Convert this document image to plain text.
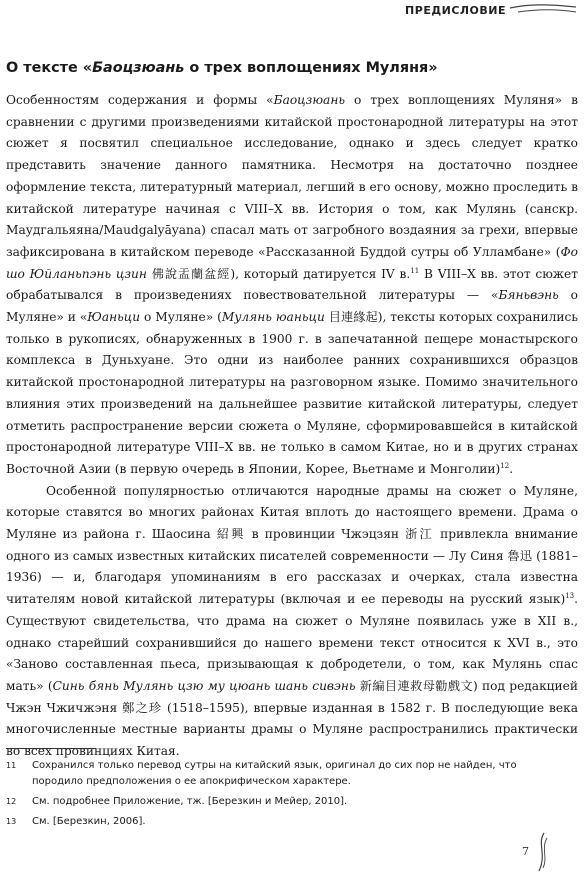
ПРЕДИСЛОВИЕ
О тексте «Баоцзюань о трех воплощениях Муляня»

Особенностям содержания и формы «Баоцзюань о трех воплощениях Муляня» в сравнении с другими произведениями китайской простонародной литературы на этот сюжет я посвятил специальное исследование, однако и здесь следует кратко представить значение данного памятника. Несмотря на достаточно позднее оформление текста, литературный материал, легший в его основу, можно проследить в китайской литературе начиная с VIII–X вв. История о том, как Мулянь (санскр. Маудгальяяна/Maudgalyāyana) спасал мать от загробного воздаяния за грехи, впервые зафиксирована в китайском переводе «Рассказанной Буддой сутры об Улламбане» (Фо шо Юйланьпэнь цзин 佛說盂蘭盆經), который датируется IV в.$^{11}$ В VIII–X вв. этот сюжет обрабатывался в произведениях повествовательной литературы — «Бяньвэнь о Муляне» и «Юаньци о Муляне» (Мулянь юаньци 目連緣起), тексты которых сохранились только в рукописях, обнаруженных в 1900 г. в запечатанной пещере монастырского комплекса в Дуньхуане. Это одни из наиболее ранних сохранившихся образцов китайской простонародной литературы на разговорном языке. Помимо значительного влияния этих произведений на дальнейшее развитие китайской литературы, следует отметить распространение версии сюжета о Муляне, сформировавшейся в китайской простонародной литературе VIII–X вв. не только в самом Китае, но и в других странах Восточной Азии (в первую очередь в Японии, Корее, Вьетнаме и Монголии)$^{12}$.

Особенной популярностью отличаются народные драмы на сюжет о Муляне, которые ставятся во многих районах Китая вплоть до настоящего времени. Драма о Муляне из района г. Шаосина 紹興 в провинции Чжэцзян 浙江 привлекла внимание одного из самых известных китайских писателей современности — Лу Синя 魯迅 (1881–1936) — и, благодаря упоминаниям в его рассказах и очерках, стала известна читателям новой китайской литературы (включая и ее переводы на русский язык)$^{13}$. Существуют свидетельства, что драма на сюжет о Муляне появилась уже в XII в., однако старейший сохранившийся до нашего времени текст относится к XVI в., это «Заново составленная пьеса, призывающая к добродетели, о том, как Мулянь спас мать» (Синь бянь Мулянь цзю му цюань шань сивэнь 新編目連救母勸戲文) под редакцией Чжэн Чжичжэня 鄭之珍 (1518–1595), впервые изданная в 1582 г. В последующие века многочисленные местные варианты драмы о Муляне распространились практически во всех провинциях Китая.

11	Сохранился только перевод сутры на китайский язык, оригинал до сих пор не найден, что породило предположения о ее апокрифическом характере.
12	См. подробнее Приложение, тж. [Березкин и Мейер, 2010].
13	См. [Березкин, 2006].
7
